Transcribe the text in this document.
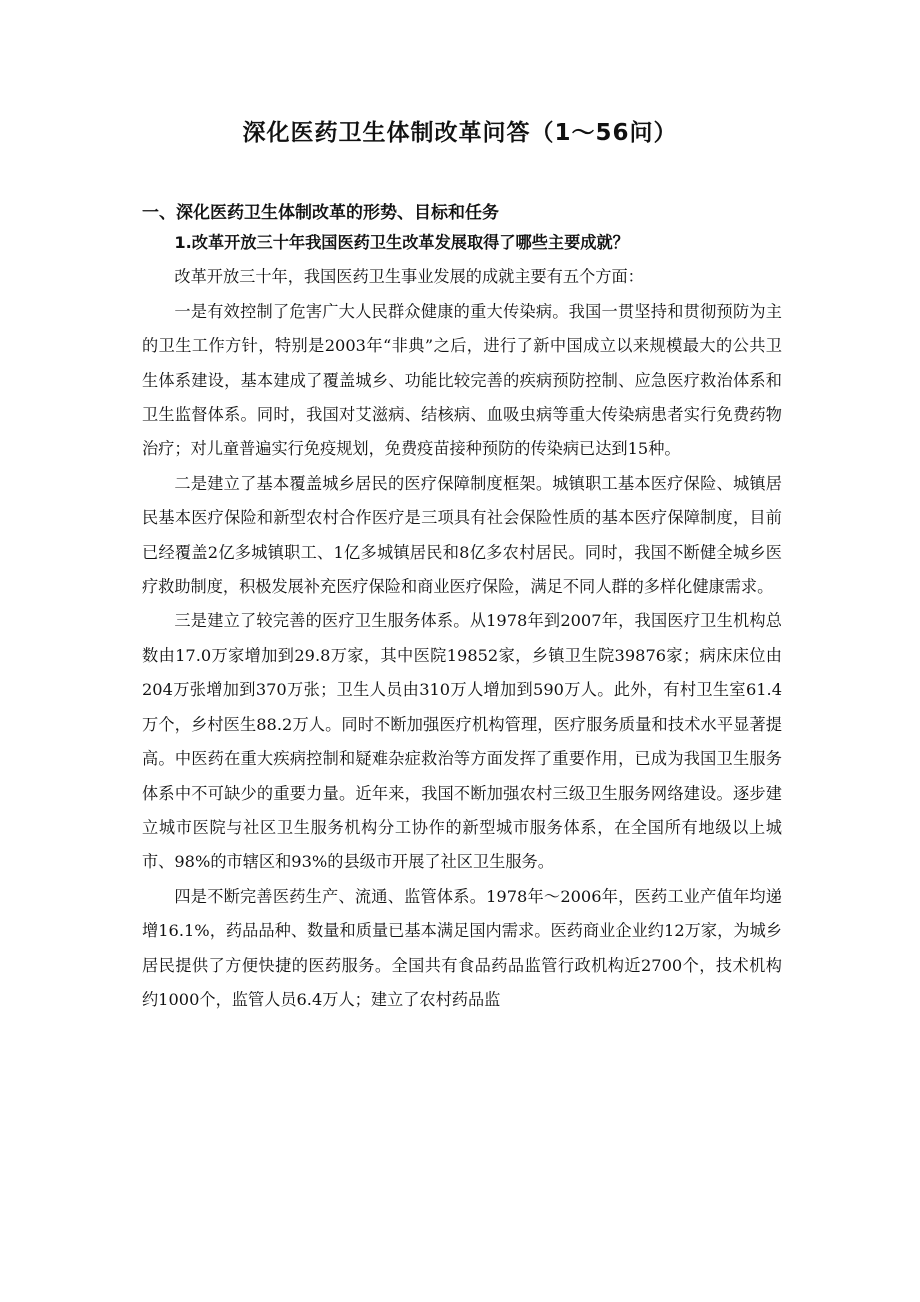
深化医药卫生体制改革问答（1～56问）
一、深化医药卫生体制改革的形势、目标和任务

1.改革开放三十年我国医药卫生改革发展取得了哪些主要成就？

改革开放三十年，我国医药卫生事业发展的成就主要有五个方面：

一是有效控制了危害广大人民群众健康的重大传染病。我国一贯坚持和贯彻预防为主的卫生工作方针，特别是2003年“非典”之后，进行了新中国成立以来规模最大的公共卫生体系建设，基本建成了覆盖城乡、功能比较完善的疾病预防控制、应急医疗救治体系和卫生监督体系。同时，我国对艾滋病、结核病、血吸虫病等重大传染病患者实行免费药物治疗；对儿童普遍实行免疫规划，免费疫苗接种预防的传染病已达到15种。

二是建立了基本覆盖城乡居民的医疗保障制度框架。城镇职工基本医疗保险、城镇居民基本医疗保险和新型农村合作医疗是三项具有社会保险性质的基本医疗保障制度，目前已经覆盖2亿多城镇职工、1亿多城镇居民和8亿多农村居民。同时，我国不断健全城乡医疗救助制度，积极发展补充医疗保险和商业医疗保险，满足不同人群的多样化健康需求。

三是建立了较完善的医疗卫生服务体系。从1978年到2007年，我国医疗卫生机构总数由17.0万家增加到29.8万家，其中医院19852家，乡镇卫生院39876家；病床床位由204万张增加到370万张；卫生人员由310万人增加到590万人。此外，有村卫生室61.4万个，乡村医生88.2万人。同时不断加强医疗机构管理，医疗服务质量和技术水平显著提高。中医药在重大疾病控制和疑难杂症救治等方面发挥了重要作用，已成为我国卫生服务体系中不可缺少的重要力量。近年来，我国不断加强农村三级卫生服务网络建设。逐步建立城市医院与社区卫生服务机构分工协作的新型城市服务体系，在全国所有地级以上城市、98%的市辖区和93%的县级市开展了社区卫生服务。

四是不断完善医药生产、流通、监管体系。1978年～2006年，医药工业产值年均递增16.1%，药品品种、数量和质量已基本满足国内需求。医药商业企业约12万家，为城乡居民提供了方便快捷的医药服务。全国共有食品药品监管行政机构近2700个，技术机构约1000个，监管人员6.4万人；建立了农村药品监
